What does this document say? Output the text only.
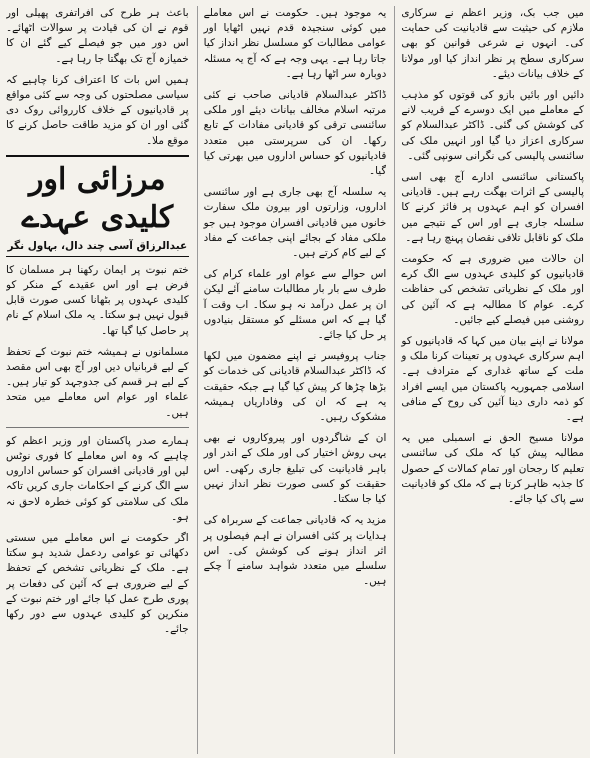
میں جب بک، وزیر اعظم نے سرکاری ملازم کی حیثیت سے قادیانیت کی حمایت کی۔ انہوں نے شرعی قوانین کو بھی سرکاری سطح پر نظر انداز کیا اور مولانا کے خلاف بیانات دیئے۔

دائیں اور بائیں بازو کی قوتوں کو مذہب کے معاملے میں ایک دوسرے کے قریب لانے کی کوشش کی گئی۔ ڈاکٹر عبدالسلام کو سرکاری اعزاز دیا گیا اور انہیں ملک کی سائنسی پالیسی کی نگرانی سونپی گئی۔

پاکستانی سائنسی ادارے آج بھی اسی پالیسی کے اثرات بھگت رہے ہیں۔ قادیانی افسران کو اہم عہدوں پر فائز کرنے کا سلسلہ جاری ہے اور اس کے نتیجے میں ملک کو ناقابل تلافی نقصان پہنچ رہا ہے۔

ان حالات میں ضروری ہے کہ حکومت قادیانیوں کو کلیدی عہدوں سے الگ کرے اور ملک کے نظریاتی تشخص کی حفاظت کرے۔ عوام کا مطالبہ ہے کہ آئین کی روشنی میں فیصلے کیے جائیں۔

مولانا نے اپنے بیان میں کہا کہ قادیانیوں کو اہم سرکاری عہدوں پر تعینات کرنا ملک و ملت کے ساتھ غداری کے مترادف ہے۔ اسلامی جمہوریہ پاکستان میں ایسے افراد کو ذمہ داری دینا آئین کی روح کے منافی ہے۔

مولانا مسیح الحق نے اسمبلی میں یہ مطالبہ پیش کیا کہ ملک کی سائنسی تعلیم کا رجحان اور تمام کمالات کے حصول کا جذبہ ظاہر کرتا ہے کہ ملک کو قادیانیت سے پاک کیا جائے۔

یہ موجود ہیں۔ حکومت نے اس معاملے میں کوئی سنجیدہ قدم نہیں اٹھایا اور عوامی مطالبات کو مسلسل نظر انداز کیا جاتا رہا ہے۔ یہی وجہ ہے کہ آج یہ مسئلہ دوبارہ سر اٹھا رہا ہے۔

ڈاکٹر عبدالسلام قادیانی صاحب نے کئی مرتبہ اسلام مخالف بیانات دیئے اور ملکی سائنسی ترقی کو قادیانی مفادات کے تابع رکھا۔ ان کی سرپرستی میں متعدد قادیانیوں کو حساس اداروں میں بھرتی کیا گیا۔

یہ سلسلہ آج بھی جاری ہے اور سائنسی اداروں، وزارتوں اور بیرون ملک سفارت خانوں میں قادیانی افسران موجود ہیں جو ملکی مفاد کے بجائے اپنی جماعت کے مفاد کے لیے کام کرتے ہیں۔

اس حوالے سے عوام اور علماء کرام کی طرف سے بار بار مطالبات سامنے آئے لیکن ان پر عمل درآمد نہ ہو سکا۔ اب وقت آ گیا ہے کہ اس مسئلے کو مستقل بنیادوں پر حل کیا جائے۔

جناب پروفیسر نے اپنے مضمون میں لکھا کہ ڈاکٹر عبدالسلام قادیانی کی خدمات کو بڑھا چڑھا کر پیش کیا گیا ہے جبکہ حقیقت یہ ہے کہ ان کی وفاداریاں ہمیشہ مشکوک رہیں۔

ان کے شاگردوں اور پیروکاروں نے بھی یہی روش اختیار کی اور ملک کے اندر اور باہر قادیانیت کی تبلیغ جاری رکھی۔ اس حقیقت کو کسی صورت نظر انداز نہیں کیا جا سکتا۔

مزید یہ کہ قادیانی جماعت کے سربراہ کی ہدایات پر کئی افسران نے اہم فیصلوں پر اثر انداز ہونے کی کوشش کی۔ اس سلسلے میں متعدد شواہد سامنے آ چکے ہیں۔

باعث ہر طرح کی افراتفری پھیلی اور قوم نے ان کی قیادت پر سوالات اٹھائے۔ اس دور میں جو فیصلے کیے گئے ان کا خمیازہ آج تک بھگتا جا رہا ہے۔

ہمیں اس بات کا اعتراف کرنا چاہیے کہ سیاسی مصلحتوں کی وجہ سے کئی مواقع پر قادیانیوں کے خلاف کارروائی روک دی گئی اور ان کو مزید طاقت حاصل کرنے کا موقع ملا۔

مرزائی اور کلیدی عہدے
عبدالرزاق آسی چند دال، بہاول نگر

ختم نبوت پر ایمان رکھنا ہر مسلمان کا فرض ہے اور اس عقیدے کے منکر کو کلیدی عہدوں پر بٹھانا کسی صورت قابل قبول نہیں ہو سکتا۔ یہ ملک اسلام کے نام پر حاصل کیا گیا تھا۔

مسلمانوں نے ہمیشہ ختم نبوت کے تحفظ کے لیے قربانیاں دیں اور آج بھی اس مقصد کے لیے ہر قسم کی جدوجہد کو تیار ہیں۔ علماء اور عوام اس معاملے میں متحد ہیں۔

ہمارے صدر پاکستان اور وزیر اعظم کو چاہیے کہ وہ اس معاملے کا فوری نوٹس لیں اور قادیانی افسران کو حساس اداروں سے الگ کرنے کے احکامات جاری کریں تاکہ ملک کی سلامتی کو کوئی خطرہ لاحق نہ ہو۔

اگر حکومت نے اس معاملے میں سستی دکھائی تو عوامی ردعمل شدید ہو سکتا ہے۔ ملک کے نظریاتی تشخص کے تحفظ کے لیے ضروری ہے کہ آئین کی دفعات پر پوری طرح عمل کیا جائے اور ختم نبوت کے منکرین کو کلیدی عہدوں سے دور رکھا جائے۔
